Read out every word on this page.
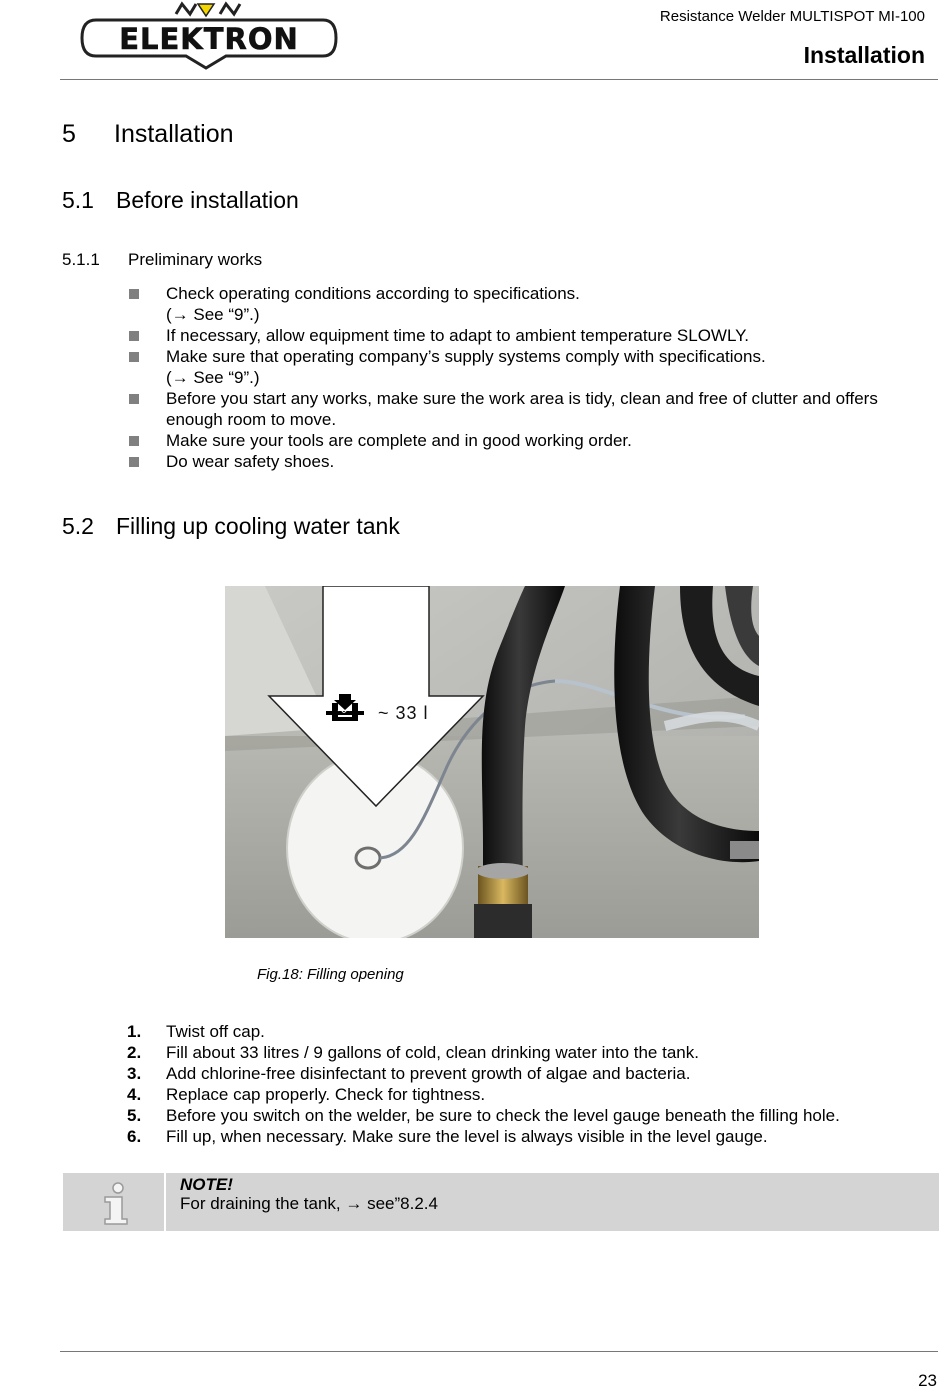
ELEKTRON
Resistance Welder MULTISPOT MI-100
Installation
5 Installation
5.1 Before installation
5.1.1 Preliminary works
Check operating conditions according to specifications.
(→ See “9”.)
If necessary, allow equipment time to adapt to ambient temperature SLOWLY.
Make sure that operating company’s supply systems comply with specifications.
(→ See “9”.)
Before you start any works, make sure the work area is tidy, clean and free of clutter and offers enough room to move.
Make sure your tools are complete and in good working order.
Do wear safety shoes.
5.2 Filling up cooling water tank
~ 33 l
Fig.18: Filling opening
1. Twist off cap.
2. Fill about 33 litres / 9 gallons of cold, clean drinking water into the tank.
3. Add chlorine-free disinfectant to prevent growth of algae and bacteria.
4. Replace cap properly. Check for tightness.
5. Before you switch on the welder, be sure to check the level gauge beneath the filling hole.
6. Fill up, when necessary. Make sure the level is always visible in the level gauge.
NOTE!
For draining the tank, → see”8.2.4
23
